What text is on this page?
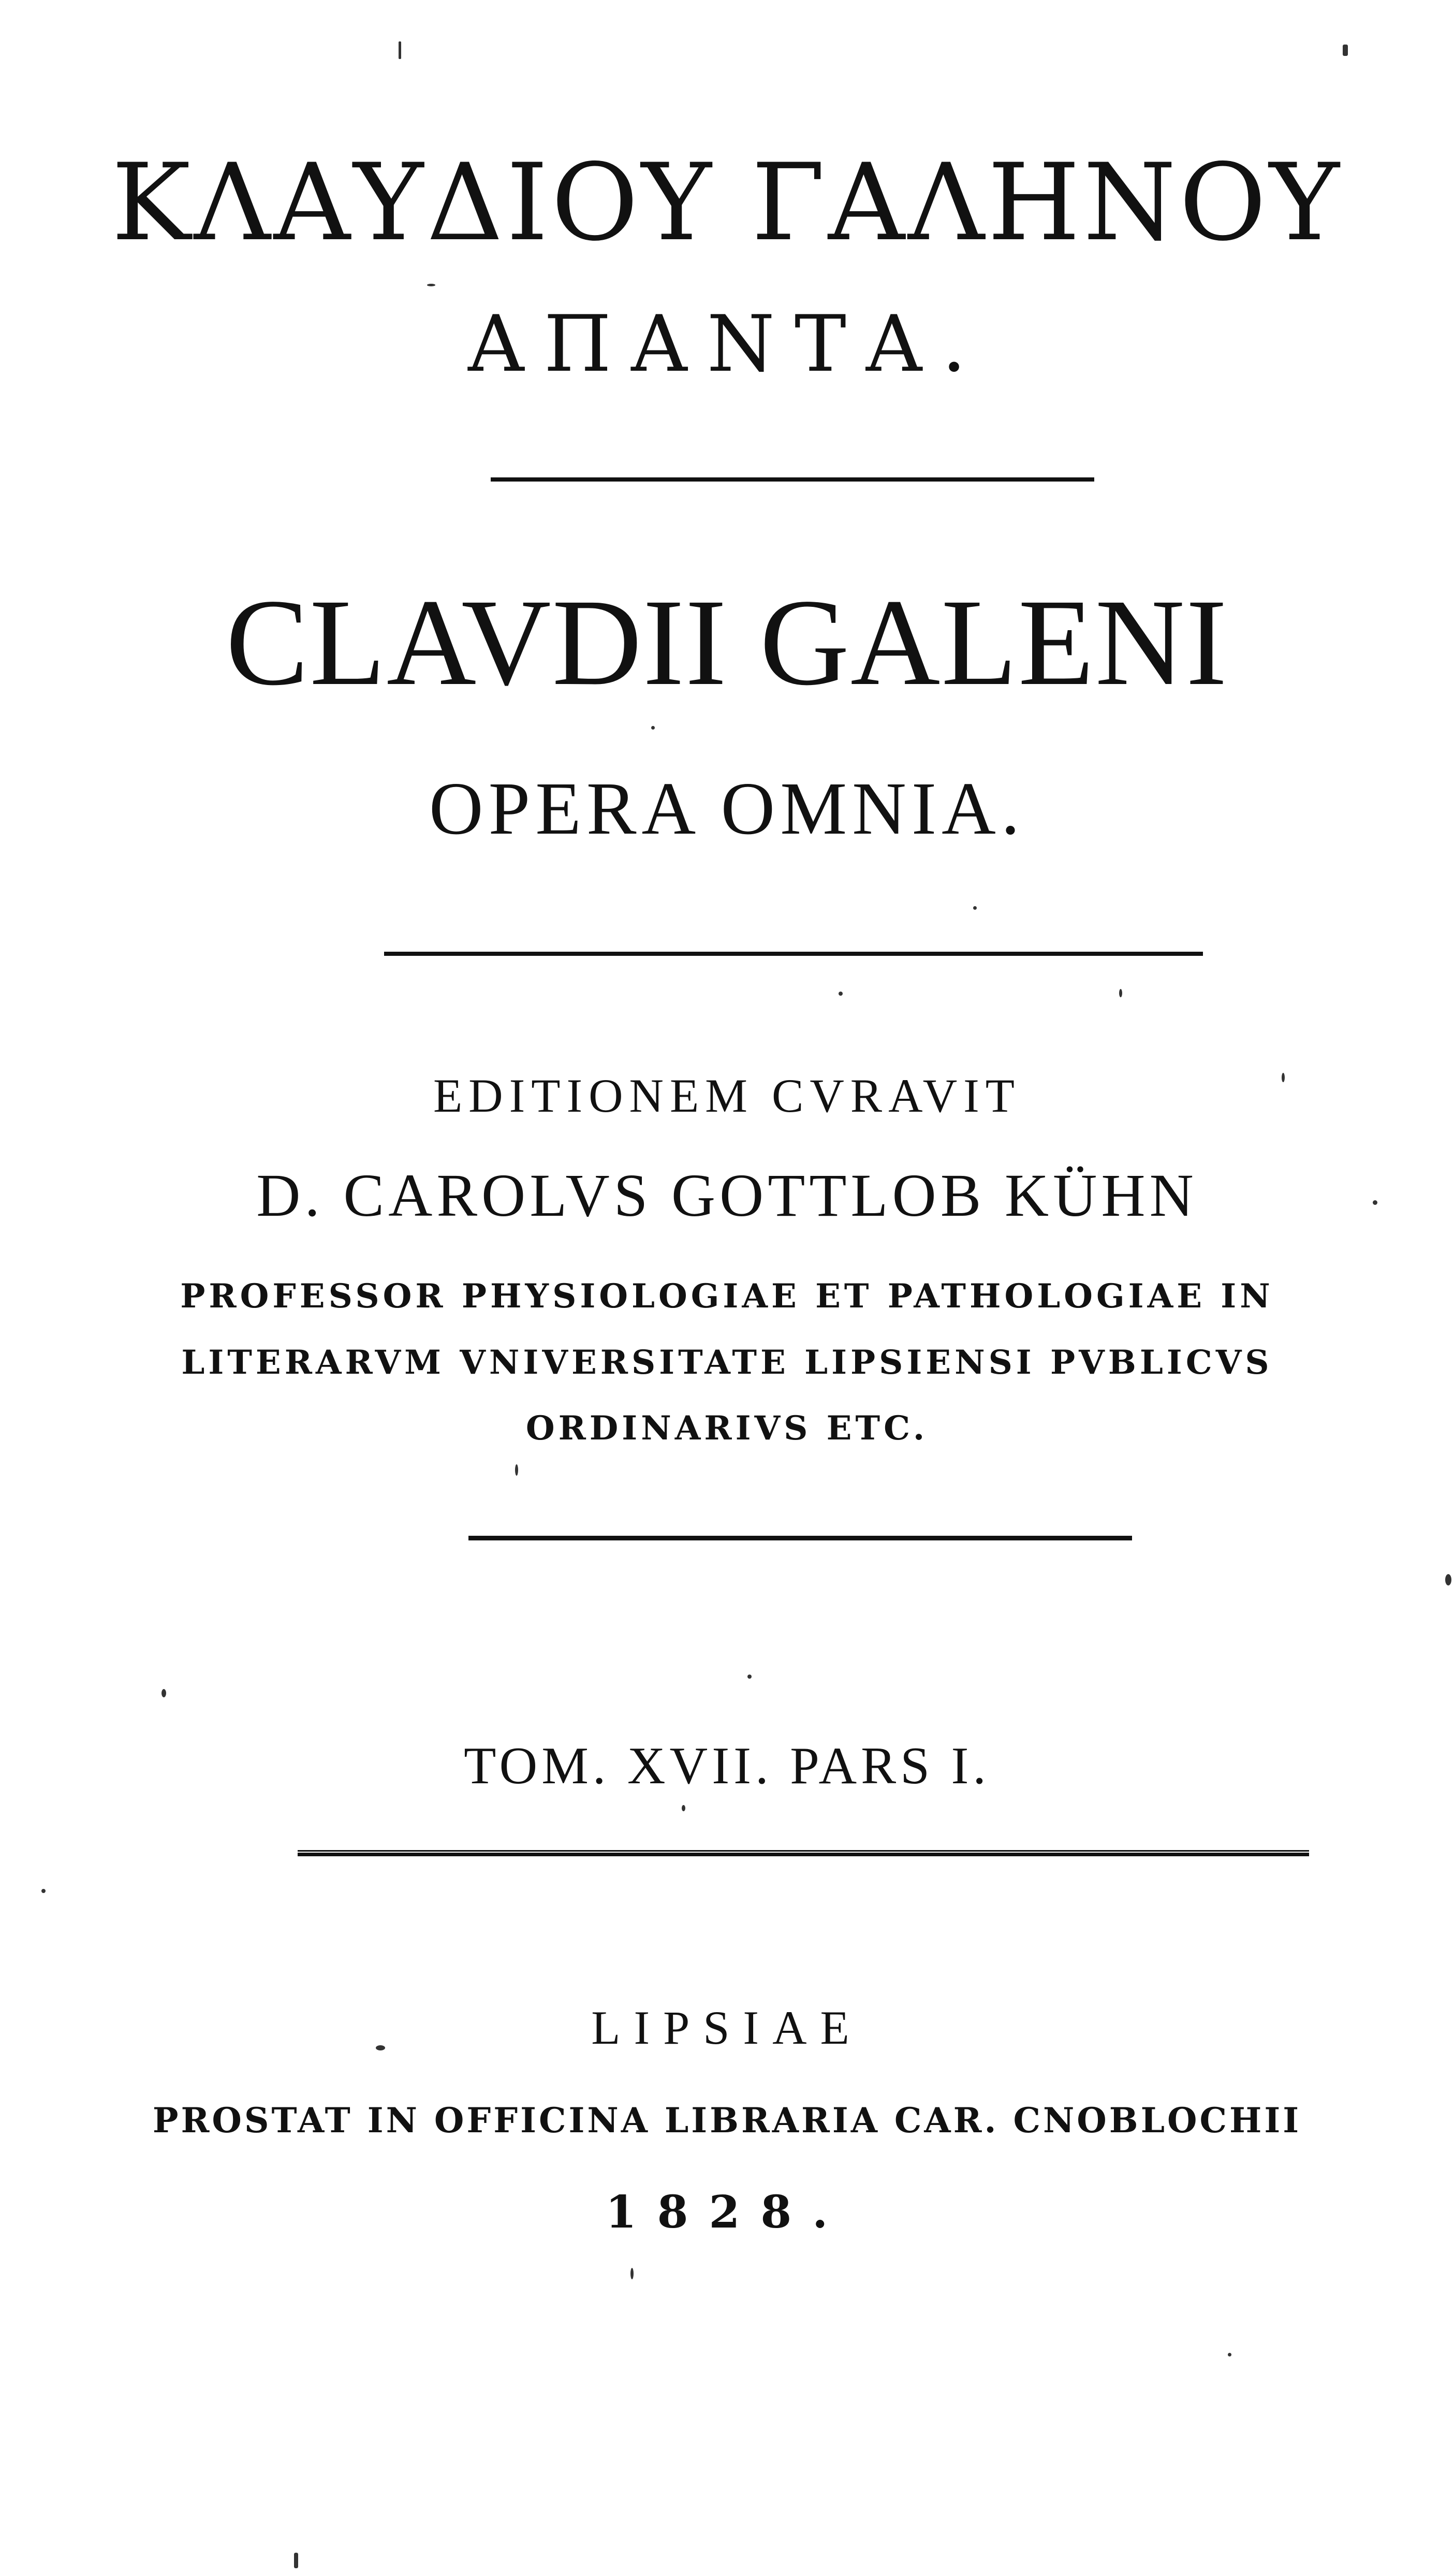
ΚΛΑΥΔΙΟΥ ΓΑΛΗΝΟΥ
ΑΠΑΝΤΑ.
CLAVDII GALENI
OPERA OMNIA.
EDITIONEM CVRAVIT
D. CAROLVS GOTTLOB KÜHN
PROFESSOR PHYSIOLOGIAE ET PATHOLOGIAE IN
LITERARVM VNIVERSITATE LIPSIENSI PVBLICVS
ORDINARIVS ETC.
TOM. XVII. PARS I.
LIPSIAE
PROSTAT IN OFFICINA LIBRARIA CAR. CNOBLOCHII
1828.
